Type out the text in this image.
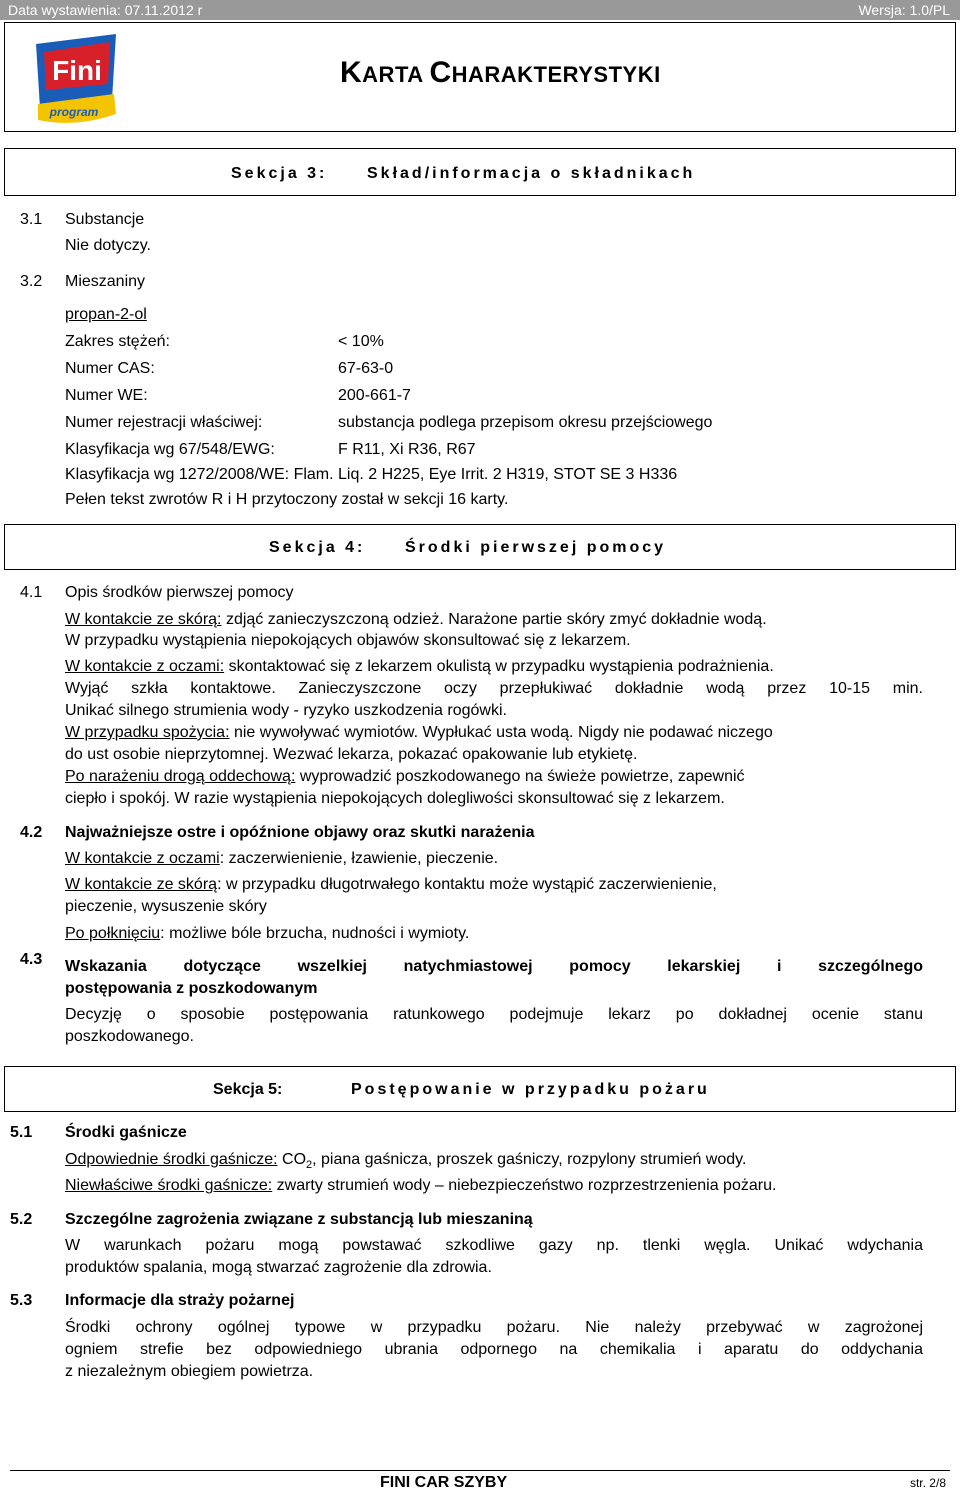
Data wystawienia: 07.11.2012 r	Wersja: 1.0/PL
Fini
program
KARTA CHARAKTERYSTYKI
Sekcja 3: Skład/informacja o składnikach
3.1 Substancje
Nie dotyczy.
3.2 Mieszaniny
propan-2-ol
Zakres stężeń:	< 10%
Numer CAS:	67-63-0
Numer WE:	200-661-7
Numer rejestracji właściwej:	substancja podlega przepisom okresu przejściowego
Klasyfikacja wg 67/548/EWG:	F R11, Xi R36, R67
Klasyfikacja wg 1272/2008/WE: Flam. Liq. 2 H225, Eye Irrit. 2 H319, STOT SE 3 H336
Pełen tekst zwrotów R i H przytoczony został w sekcji 16 karty.
Sekcja 4: Środki pierwszej pomocy
4.1 Opis środków pierwszej pomocy
W kontakcie ze skórą: zdjąć zanieczyszczoną odzież. Narażone partie skóry zmyć dokładnie wodą.
W przypadku wystąpienia niepokojących objawów skonsultować się z lekarzem.
W kontakcie z oczami: skontaktować się z lekarzem okulistą w przypadku wystąpienia podrażnienia.
Wyjąć szkła kontaktowe. Zanieczyszczone oczy przepłukiwać dokładnie wodą przez 10-15 min.
Unikać silnego strumienia wody - ryzyko uszkodzenia rogówki.
W przypadku spożycia: nie wywoływać wymiotów. Wypłukać usta wodą. Nigdy nie podawać niczego
do ust osobie nieprzytomnej. Wezwać lekarza, pokazać opakowanie lub etykietę.
Po narażeniu drogą oddechową: wyprowadzić poszkodowanego na świeże powietrze, zapewnić
ciepło i spokój. W razie wystąpienia niepokojących dolegliwości skonsultować się z lekarzem.
4.2 Najważniejsze ostre i opóźnione objawy oraz skutki narażenia
W kontakcie z oczami: zaczerwienienie, łzawienie, pieczenie.
W kontakcie ze skórą: w przypadku długotrwałego kontaktu może wystąpić zaczerwienienie,
pieczenie, wysuszenie skóry
Po połknięciu: możliwe bóle brzucha, nudności i wymioty.
4.3 Wskazania dotyczące wszelkiej natychmiastowej pomocy lekarskiej i szczególnego
postępowania z poszkodowanym
Decyzję o sposobie postępowania ratunkowego podejmuje lekarz po dokładnej ocenie stanu
poszkodowanego.
Sekcja 5:	Postępowanie w przypadku pożaru
5.1 Środki gaśnicze
Odpowiednie środki gaśnicze: $CO_2$, piana gaśnicza, proszek gaśniczy, rozpylony strumień wody.
Niewłaściwe środki gaśnicze: zwarty strumień wody – niebezpieczeństwo rozprzestrzenienia pożaru.
5.2 Szczególne zagrożenia związane z substancją lub mieszaniną
W warunkach pożaru mogą powstawać szkodliwe gazy np. tlenki węgla. Unikać wdychania
produktów spalania, mogą stwarzać zagrożenie dla zdrowia.
5.3 Informacje dla straży pożarnej
Środki ochrony ogólnej typowe w przypadku pożaru. Nie należy przebywać w zagrożonej
ogniem strefie bez odpowiedniego ubrania odpornego na chemikalia i aparatu do oddychania
z niezależnym obiegiem powietrza.
FINI CAR SZYBY	str. 2/8
